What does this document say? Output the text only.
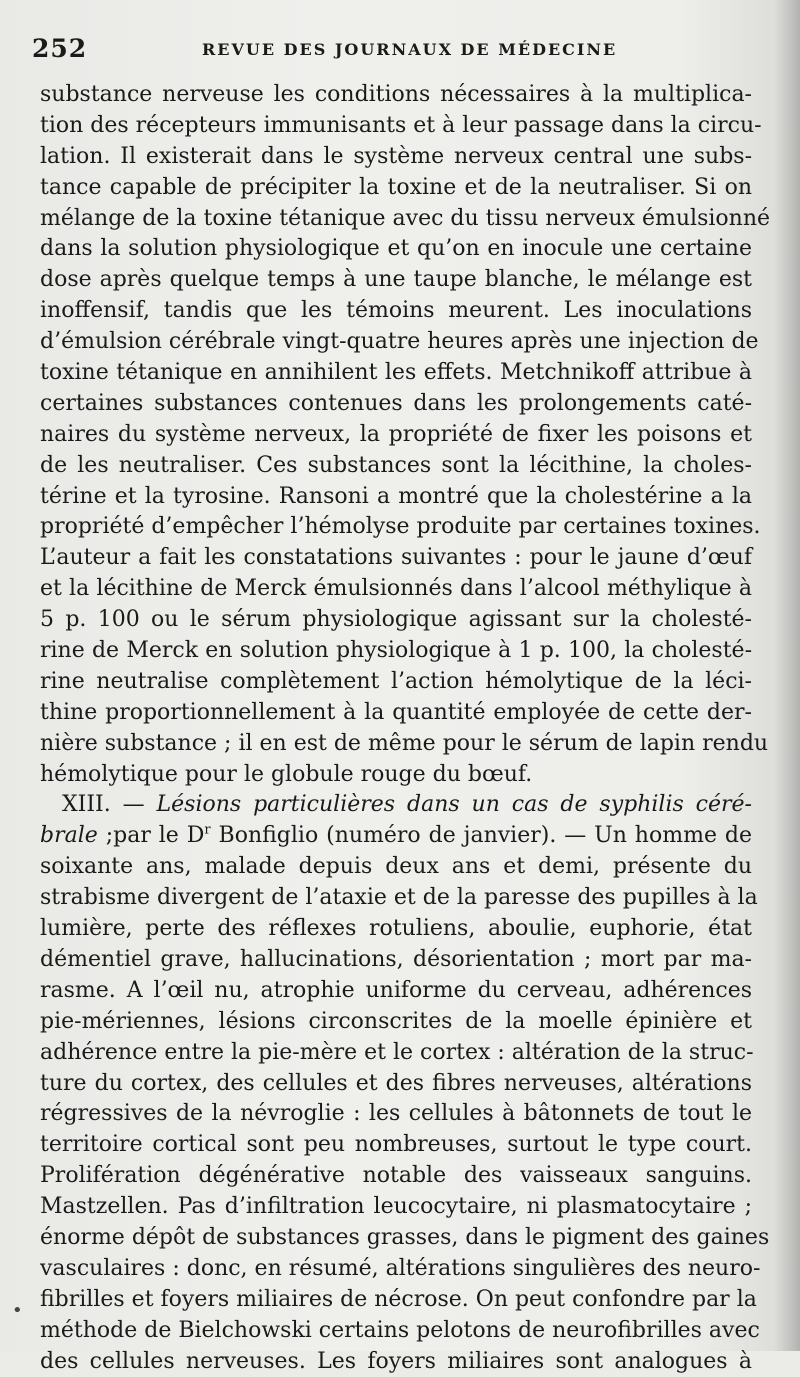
252	REVUE DES JOURNAUX DE MÉDECINE
substance nerveuse les conditions nécessaires à la multiplica-
tion des récepteurs immunisants et à leur passage dans la circu-
lation. Il existerait dans le système nerveux central une subs-
tance capable de précipiter la toxine et de la neutraliser. Si on
mélange de la toxine tétanique avec du tissu nerveux émulsionné
dans la solution physiologique et qu’on en inocule une certaine
dose après quelque temps à une taupe blanche, le mélange est
inoffensif, tandis que les témoins meurent. Les inoculations
d’émulsion cérébrale vingt-quatre heures après une injection de
toxine tétanique en annihilent les effets. Metchnikoff attribue à
certaines substances contenues dans les prolongements caté-
naires du système nerveux, la propriété de fixer les poisons et
de les neutraliser. Ces substances sont la lécithine, la choles-
térine et la tyrosine. Ransoni a montré que la cholestérine a la
propriété d’empêcher l’hémolyse produite par certaines toxines.
L’auteur a fait les constatations suivantes : pour le jaune d’œuf
et la lécithine de Merck émulsionnés dans l’alcool méthylique à
5 p. 100 ou le sérum physiologique agissant sur la cholesté-
rine de Merck en solution physiologique à 1 p. 100, la cholesté-
rine neutralise complètement l’action hémolytique de la léci-
thine proportionnellement à la quantité employée de cette der-
nière substance ; il en est de même pour le sérum de lapin rendu
hémolytique pour le globule rouge du bœuf.
XIII. — Lésions particulières dans un cas de syphilis céré-
brale ;par le $D^r$ Bonfiglio (numéro de janvier). — Un homme de
soixante ans, malade depuis deux ans et demi, présente du
strabisme divergent de l’ataxie et de la paresse des pupilles à la
lumière, perte des réflexes rotuliens, aboulie, euphorie, état
démentiel grave, hallucinations, désorientation ; mort par ma-
rasme. A l’œil nu, atrophie uniforme du cerveau, adhérences
pie-mériennes, lésions circonscrites de la moelle épinière et
adhérence entre la pie-mère et le cortex : altération de la struc-
ture du cortex, des cellules et des fibres nerveuses, altérations
régressives de la névroglie : les cellules à bâtonnets de tout le
territoire cortical sont peu nombreuses, surtout le type court.
Prolifération dégénérative notable des vaisseaux sanguins.
Mastzellen. Pas d’infiltration leucocytaire, ni plasmatocytaire ;
énorme dépôt de substances grasses, dans le pigment des gaines
vasculaires : donc, en résumé, altérations singulières des neuro-
fibrilles et foyers miliaires de nécrose. On peut confondre par la
méthode de Bielchowski certains pelotons de neurofibrilles avec
des cellules nerveuses. Les foyers miliaires sont analogues à
•
